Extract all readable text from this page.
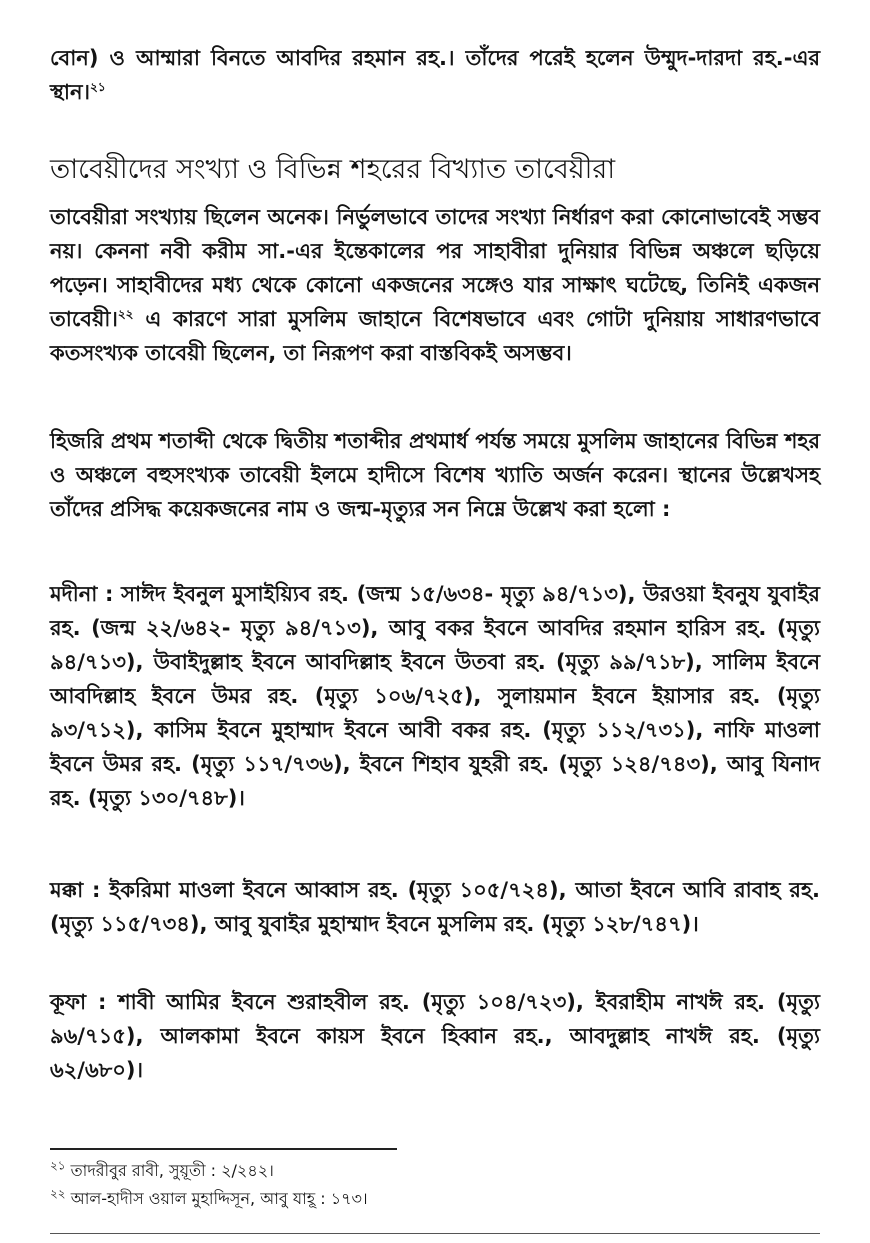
বোন) ও আম্মারা বিনতে আবদির রহমান রহ.। তাঁদের পরেই হলেন উম্মুদ-দারদা রহ.-এর স্থান।$^{২১}$

তাবেয়ীদের সংখ্যা ও বিভিন্ন শহরের বিখ্যাত তাবেয়ীরা

তাবেয়ীরা সংখ্যায় ছিলেন অনেক। নির্ভুলভাবে তাদের সংখ্যা নির্ধারণ করা কোনোভাবেই সম্ভব নয়। কেননা নবী করীম সা.-এর ইন্তেকালের পর সাহাবীরা দুনিয়ার বিভিন্ন অঞ্চলে ছড়িয়ে পড়েন। সাহাবীদের মধ্য থেকে কোনো একজনের সঙ্গেও যার সাক্ষাৎ ঘটেছে, তিনিই একজন তাবেয়ী।$^{২২}$ এ কারণে সারা মুসলিম জাহানে বিশেষভাবে এবং গোটা দুনিয়ায় সাধারণভাবে কতসংখ্যক তাবেয়ী ছিলেন, তা নিরূপণ করা বাস্তবিকই অসম্ভব।

হিজরি প্রথম শতাব্দী থেকে দ্বিতীয় শতাব্দীর প্রথমার্ধ পর্যন্ত সময়ে মুসলিম জাহানের বিভিন্ন শহর ও অঞ্চলে বহুসংখ্যক তাবেয়ী ইলমে হাদীসে বিশেষ খ্যাতি অর্জন করেন। স্থানের উল্লেখসহ তাঁদের প্রসিদ্ধ কয়েকজনের নাম ও জন্ম-মৃত্যুর সন নিম্নে উল্লেখ করা হলো :

মদীনা : সাঈদ ইবনুল মুসাইয়্যিব রহ. (জন্ম ১৫/৬৩৪- মৃত্যু ৯৪/৭১৩), উরওয়া ইবনুয যুবাইর রহ. (জন্ম ২২/৬৪২- মৃত্যু ৯৪/৭১৩), আবু বকর ইবনে আবদির রহমান হারিস রহ. (মৃত্যু ৯৪/৭১৩), উবাইদুল্লাহ ইবনে আবদিল্লাহ ইবনে উতবা রহ. (মৃত্যু ৯৯/৭১৮), সালিম ইবনে আবদিল্লাহ ইবনে উমর রহ. (মৃত্যু ১০৬/৭২৫), সুলায়মান ইবনে ইয়াসার রহ. (মৃত্যু ৯৩/৭১২), কাসিম ইবনে মুহাম্মাদ ইবনে আবী বকর রহ. (মৃত্যু ১১২/৭৩১), নাফি মাওলা ইবনে উমর রহ. (মৃত্যু ১১৭/৭৩৬), ইবনে শিহাব যুহরী রহ. (মৃত্যু ১২৪/৭৪৩), আবু যিনাদ রহ. (মৃত্যু ১৩০/৭৪৮)।

মক্কা : ইকরিমা মাওলা ইবনে আব্বাস রহ. (মৃত্যু ১০৫/৭২৪), আতা ইবনে আবি রাবাহ রহ. (মৃত্যু ১১৫/৭৩৪), আবু যুবাইর মুহাম্মাদ ইবনে মুসলিম রহ. (মৃত্যু ১২৮/৭৪৭)।

কূফা : শাবী আমির ইবনে শুরাহবীল রহ. (মৃত্যু ১০৪/৭২৩), ইবরাহীম নাখঈ রহ. (মৃত্যু ৯৬/৭১৫), আলকামা ইবনে কায়স ইবনে হিব্বান রহ., আবদুল্লাহ নাখঈ রহ. (মৃত্যু ৬২/৬৮০)।

$^{২১}$ তাদরীবুর রাবী, সুয়ূতী : ২/২৪২।

$^{২২}$ আল-হাদীস ওয়াল মুহাদ্দিসূন, আবু যাহূ : ১৭৩।
